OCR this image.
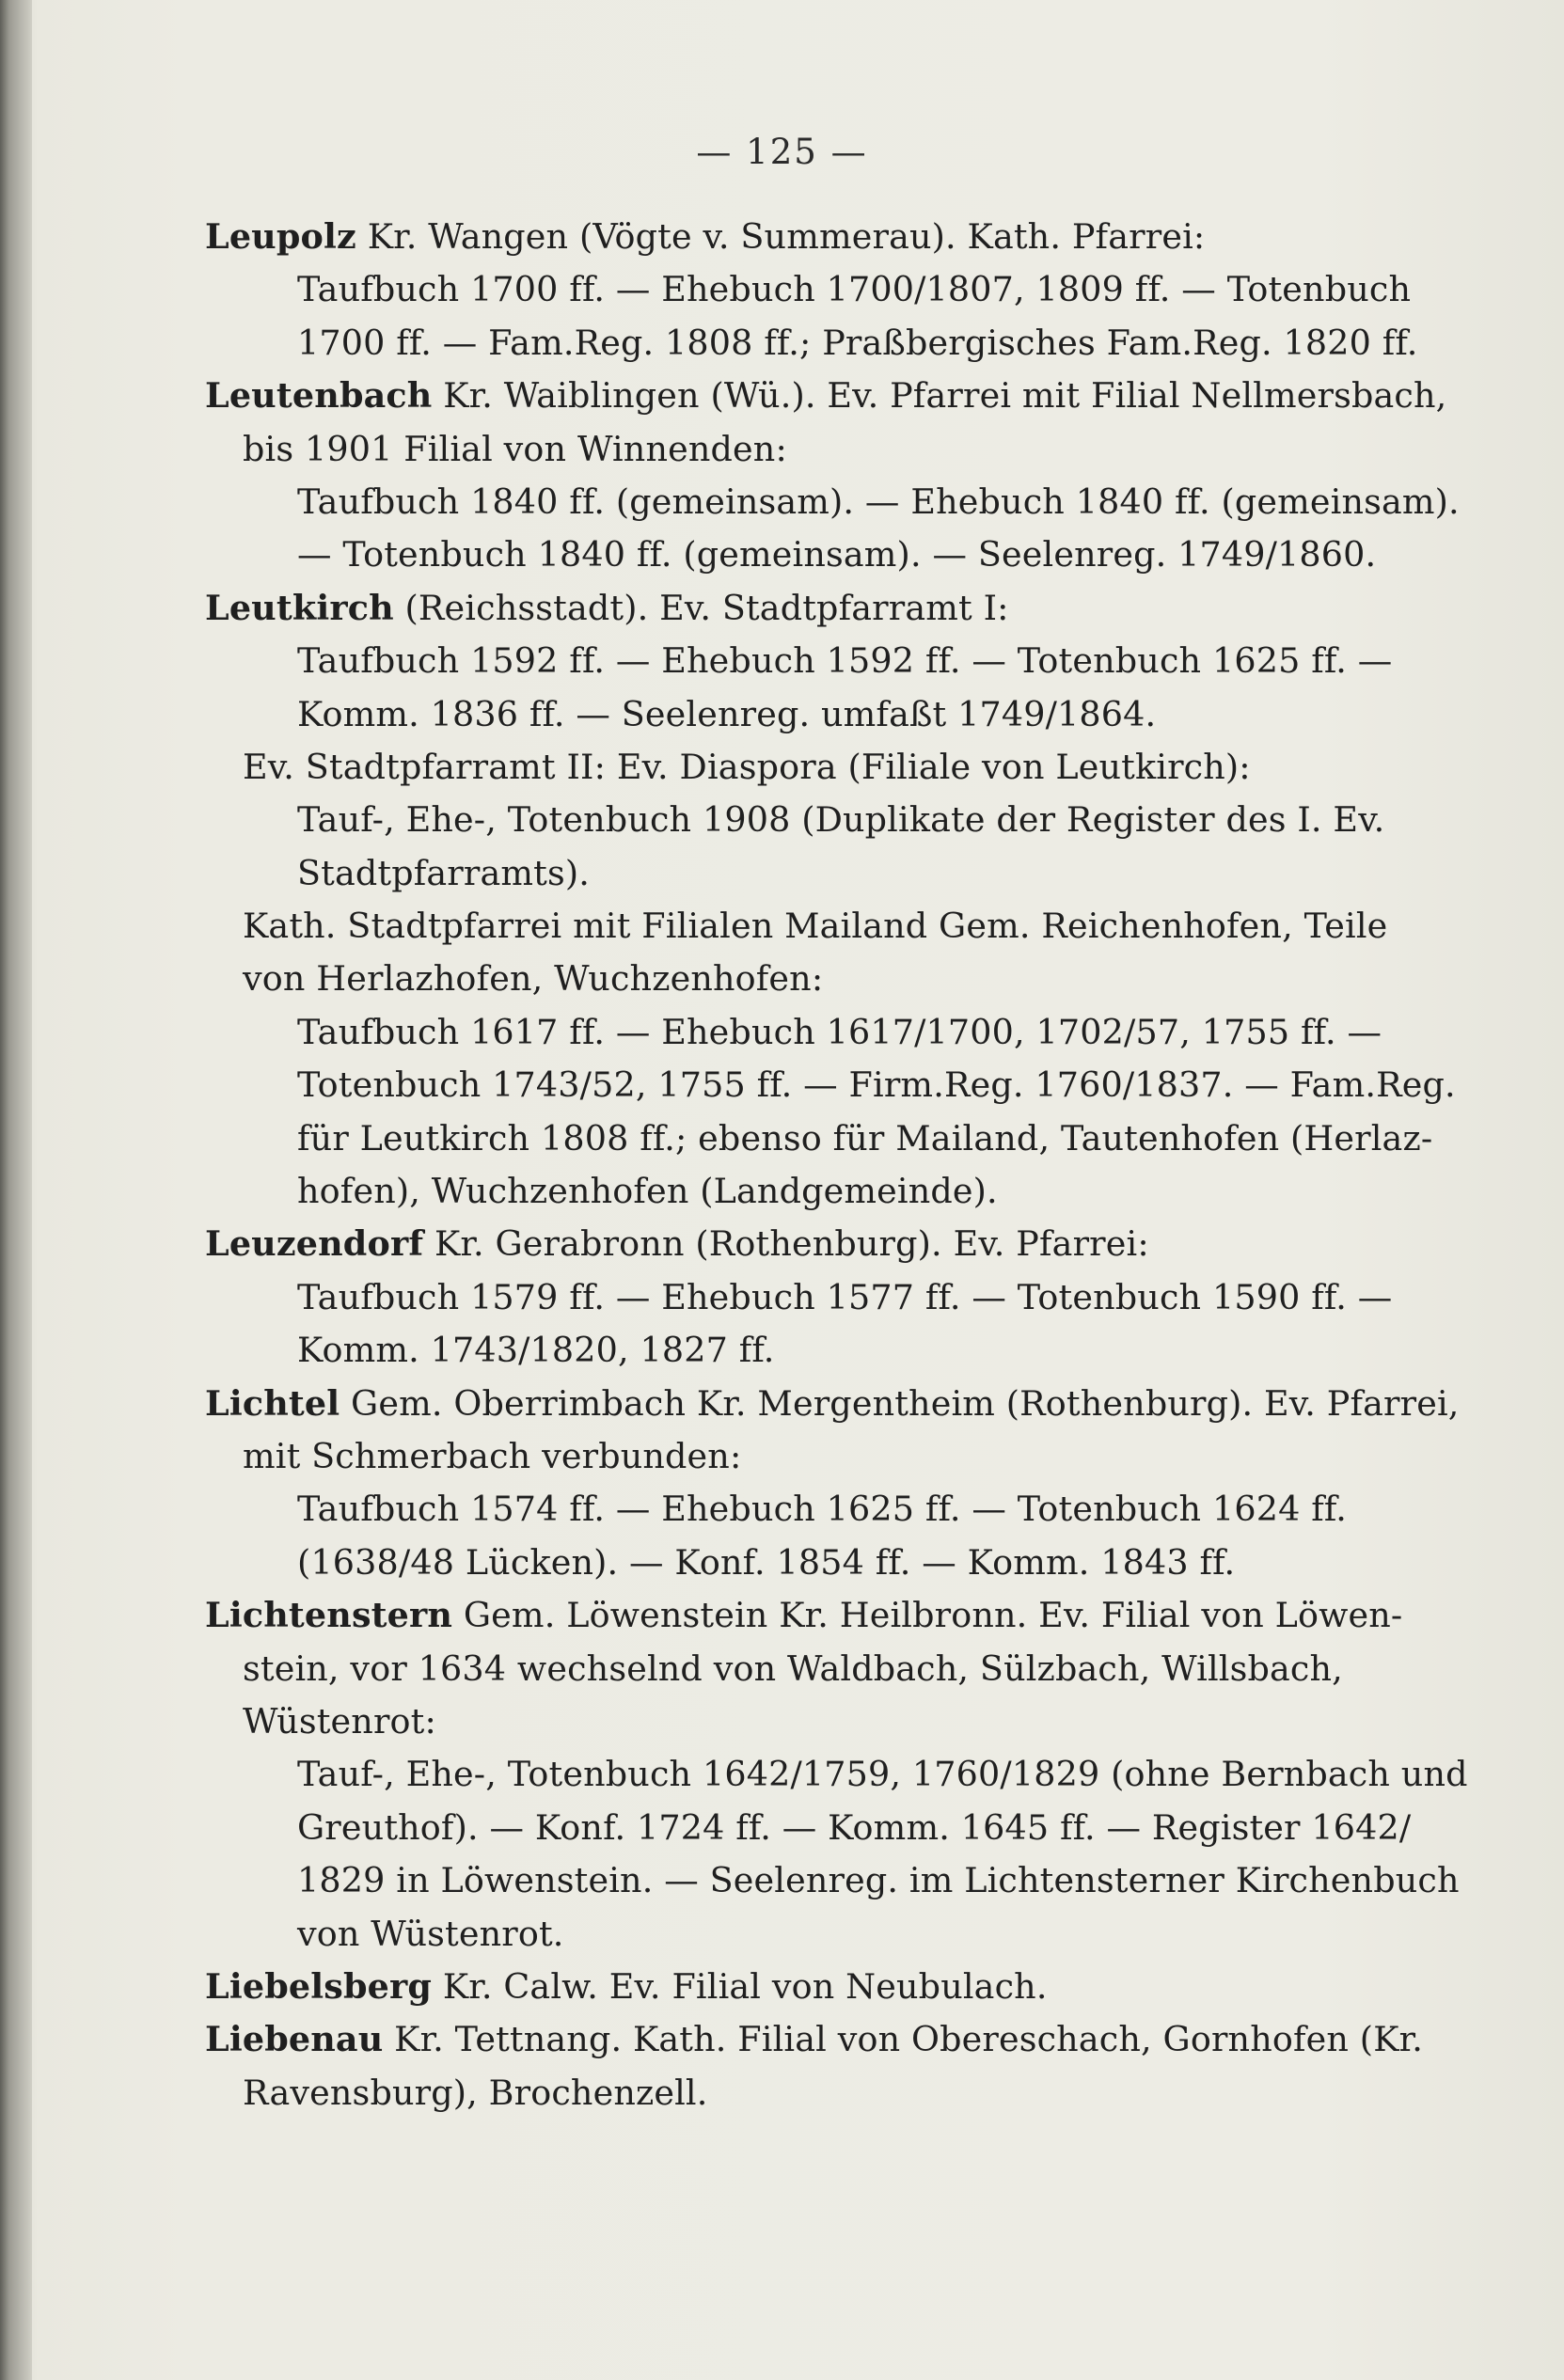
— 125 —
Leupolz Kr. Wangen (Vögte v. Summerau). Kath. Pfarrei:
Taufbuch 1700 ff. — Ehebuch 1700/1807, 1809 ff. — Totenbuch
1700 ff. — Fam.Reg. 1808 ff.; Praßbergisches Fam.Reg. 1820 ff.
Leutenbach Kr. Waiblingen (Wü.). Ev. Pfarrei mit Filial Nellmersbach,
bis 1901 Filial von Winnenden:
Taufbuch 1840 ff. (gemeinsam). — Ehebuch 1840 ff. (gemeinsam).
— Totenbuch 1840 ff. (gemeinsam). — Seelenreg. 1749/1860.
Leutkirch (Reichsstadt). Ev. Stadtpfarramt I:
Taufbuch 1592 ff. — Ehebuch 1592 ff. — Totenbuch 1625 ff. —
Komm. 1836 ff. — Seelenreg. umfaßt 1749/1864.
Ev. Stadtpfarramt II: Ev. Diaspora (Filiale von Leutkirch):
Tauf-, Ehe-, Totenbuch 1908 (Duplikate der Register des I. Ev.
Stadtpfarramts).
Kath. Stadtpfarrei mit Filialen Mailand Gem. Reichenhofen, Teile
von Herlazhofen, Wuchzenhofen:
Taufbuch 1617 ff. — Ehebuch 1617/1700, 1702/57, 1755 ff. —
Totenbuch 1743/52, 1755 ff. — Firm.Reg. 1760/1837. — Fam.Reg.
für Leutkirch 1808 ff.; ebenso für Mailand, Tautenhofen (Herlaz-
hofen), Wuchzenhofen (Landgemeinde).
Leuzendorf Kr. Gerabronn (Rothenburg). Ev. Pfarrei:
Taufbuch 1579 ff. — Ehebuch 1577 ff. — Totenbuch 1590 ff. —
Komm. 1743/1820, 1827 ff.
Lichtel Gem. Oberrimbach Kr. Mergentheim (Rothenburg). Ev. Pfarrei,
mit Schmerbach verbunden:
Taufbuch 1574 ff. — Ehebuch 1625 ff. — Totenbuch 1624 ff.
(1638/48 Lücken). — Konf. 1854 ff. — Komm. 1843 ff.
Lichtenstern Gem. Löwenstein Kr. Heilbronn. Ev. Filial von Löwen-
stein, vor 1634 wechselnd von Waldbach, Sülzbach, Willsbach,
Wüstenrot:
Tauf-, Ehe-, Totenbuch 1642/1759, 1760/1829 (ohne Bernbach und
Greuthof). — Konf. 1724 ff. — Komm. 1645 ff. — Register 1642/
1829 in Löwenstein. — Seelenreg. im Lichtensterner Kirchenbuch
von Wüstenrot.
Liebelsberg Kr. Calw. Ev. Filial von Neubulach.
Liebenau Kr. Tettnang. Kath. Filial von Obereschach, Gornhofen (Kr.
Ravensburg), Brochenzell.
